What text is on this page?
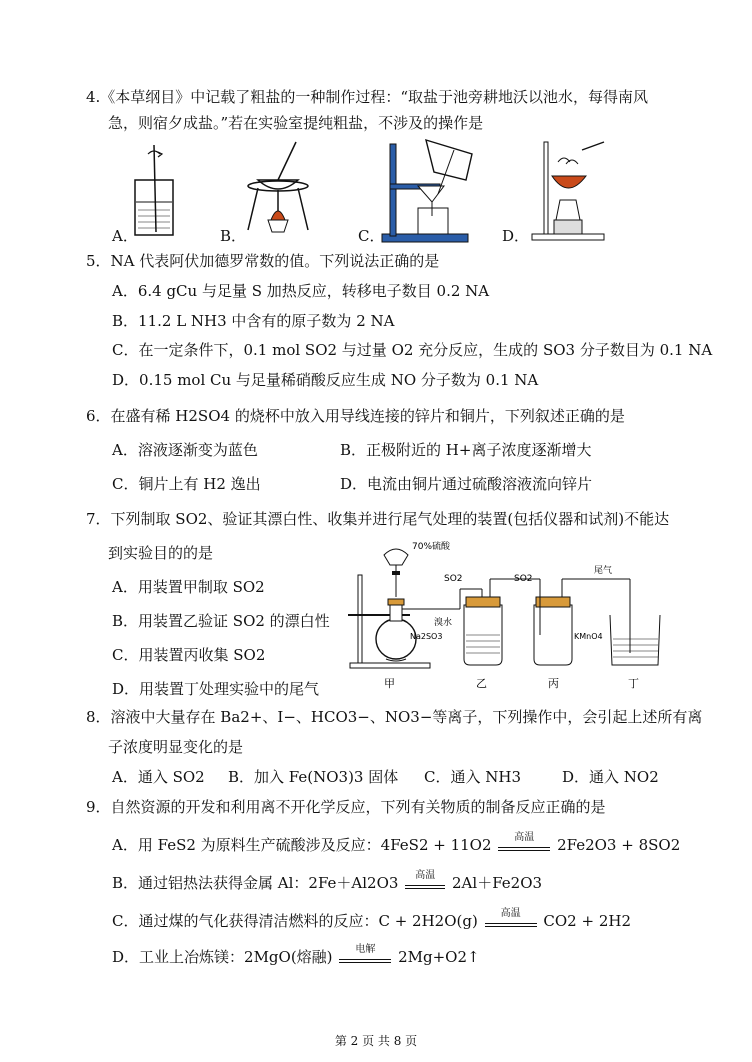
4.《本草纲目》中记载了粗盐的一种制作过程：“取盐于池旁耕地沃以池水，每得南风
急，则宿夕成盐。”若在实验室提纯粗盐，不涉及的操作是
A．	B．	C．	D．
5．NA 代表阿伏加德罗常数的值。下列说法正确的是
A．6.4 gCu 与足量 S 加热反应，转移电子数目 0.2 NA
B．11.2 L NH3 中含有的原子数为 2 NA
C．在一定条件下，0.1 mol SO2 与过量 O2 充分反应，生成的 SO3 分子数目为 0.1 NA
D．0.15 mol Cu 与足量稀硝酸反应生成 NO 分子数为 0.1 NA
6．在盛有稀 H2SO4 的烧杯中放入用导线连接的锌片和铜片，下列叙述正确的是
A．溶液逐渐变为蓝色	B．正极附近的 H+离子浓度逐渐增大
C．铜片上有 H2 逸出	D．电流由铜片通过硫酸溶液流向锌片
7．下列制取 SO2、验证其漂白性、收集并进行尾气处理的装置(包括仪器和试剂)不能达
到实验目的的是
A．用装置甲制取 SO2
B．用装置乙验证 SO2 的漂白性
C．用装置丙收集 SO2
D．用装置丁处理实验中的尾气
70%硫酸
Na2SO3
甲
SO2
溴水
乙
SO2
丙
尾气
KMnO4
丁
8．溶液中大量存在 Ba2+、I−、HCO3−、NO3−等离子，下列操作中，会引起上述所有离
子浓度明显变化的是
A．通入 SO2 B．加入 Fe(NO3)3 固体 C．通入 NH3	D．通入 NO2
9．自然资源的开发和利用离不开化学反应，下列有关物质的制备反应正确的是
A．用 FeS2 为原料生产硫酸涉及反应：4FeS2 + 11O2	高温	2Fe2O3 + 8SO2
B．通过铝热法获得金属 Al：2Fe＋Al2O3	高温	2Al＋Fe2O3
C．通过煤的气化获得清洁燃料的反应：C + 2H2O(g)	高温	CO2 + 2H2
D．工业上冶炼镁：2MgO(熔融)	电解	2Mg+O2↑
第 2 页 共 8 页
